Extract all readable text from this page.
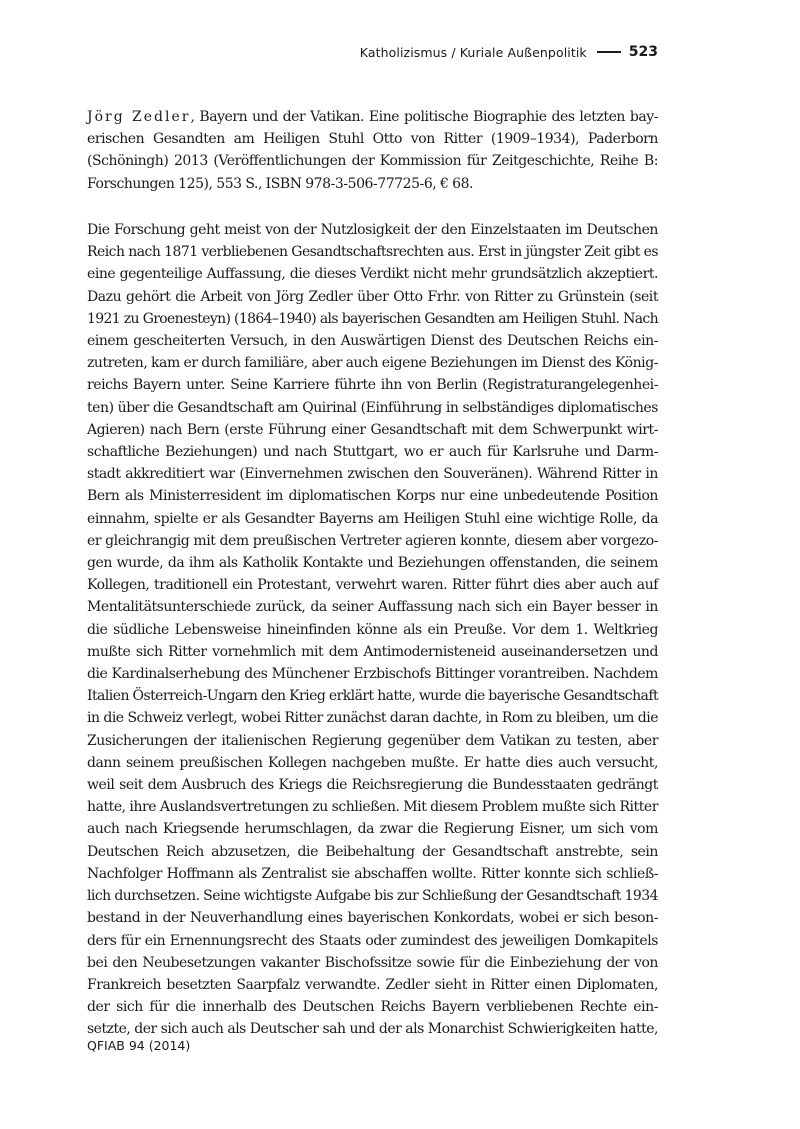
Katholizismus / Kuriale Außenpolitik	523
Jörg Zedler, Bayern und der Vatikan. Eine politische Biographie des letzten bay-
erischen Gesandten am Heiligen Stuhl Otto von Ritter (1909–1934), Paderborn
(Schöningh) 2013 (Veröffentlichungen der Kommission für Zeitgeschichte, Reihe B:
Forschungen 125), 553 S., ISBN 978-3-506-77725-6, € 68.
Die Forschung geht meist von der Nutzlosigkeit der den Einzelstaaten im Deutschen
Reich nach 1871 verbliebenen Gesandtschaftsrechten aus. Erst in jüngster Zeit gibt es
eine gegenteilige Auffassung, die dieses Verdikt nicht mehr grundsätzlich akzeptiert.
Dazu gehört die Arbeit von Jörg Zedler über Otto Frhr. von Ritter zu Grünstein (seit
1921 zu Groenesteyn) (1864–1940) als bayerischen Gesandten am Heiligen Stuhl. Nach
einem gescheiterten Versuch, in den Auswärtigen Dienst des Deutschen Reichs ein-
zutreten, kam er durch familiäre, aber auch eigene Beziehungen im Dienst des König-
reichs Bayern unter. Seine Karriere führte ihn von Berlin (Registraturangelegenhei-
ten) über die Gesandtschaft am Quirinal (Einführung in selbständiges diplomatisches
Agieren) nach Bern (erste Führung einer Gesandtschaft mit dem Schwerpunkt wirt-
schaftliche Beziehungen) und nach Stuttgart, wo er auch für Karlsruhe und Darm-
stadt akkreditiert war (Einvernehmen zwischen den Souveränen). Während Ritter in
Bern als Ministerresident im diplomatischen Korps nur eine unbedeutende Position
einnahm, spielte er als Gesandter Bayerns am Heiligen Stuhl eine wichtige Rolle, da
er gleichrangig mit dem preußischen Vertreter agieren konnte, diesem aber vorgezo-
gen wurde, da ihm als Katholik Kontakte und Beziehungen offenstanden, die seinem
Kollegen, traditionell ein Protestant, verwehrt waren. Ritter führt dies aber auch auf
Mentalitätsunterschiede zurück, da seiner Auffassung nach sich ein Bayer besser in
die südliche Lebensweise hineinfinden könne als ein Preuße. Vor dem 1. Weltkrieg
mußte sich Ritter vornehmlich mit dem Antimodernisteneid auseinandersetzen und
die Kardinalserhebung des Münchener Erzbischofs Bittinger vorantreiben. Nachdem
Italien Österreich-Ungarn den Krieg erklärt hatte, wurde die bayerische Gesandtschaft
in die Schweiz verlegt, wobei Ritter zunächst daran dachte, in Rom zu bleiben, um die
Zusicherungen der italienischen Regierung gegenüber dem Vatikan zu testen, aber
dann seinem preußischen Kollegen nachgeben mußte. Er hatte dies auch versucht,
weil seit dem Ausbruch des Kriegs die Reichsregierung die Bundesstaaten gedrängt
hatte, ihre Auslandsvertretungen zu schließen. Mit diesem Problem mußte sich Ritter
auch nach Kriegsende herumschlagen, da zwar die Regierung Eisner, um sich vom
Deutschen Reich abzusetzen, die Beibehaltung der Gesandtschaft anstrebte, sein
Nachfolger Hoffmann als Zentralist sie abschaffen wollte. Ritter konnte sich schließ-
lich durchsetzen. Seine wichtigste Aufgabe bis zur Schließung der Gesandtschaft 1934
bestand in der Neuverhandlung eines bayerischen Konkordats, wobei er sich beson-
ders für ein Ernennungsrecht des Staats oder zumindest des jeweiligen Domkapitels
bei den Neubesetzungen vakanter Bischofssitze sowie für die Einbeziehung der von
Frankreich besetzten Saarpfalz verwandte. Zedler sieht in Ritter einen Diplomaten,
der sich für die innerhalb des Deutschen Reichs Bayern verbliebenen Rechte ein-
setzte, der sich auch als Deutscher sah und der als Monarchist Schwierigkeiten hatte,
QFIAB 94 (2014)
